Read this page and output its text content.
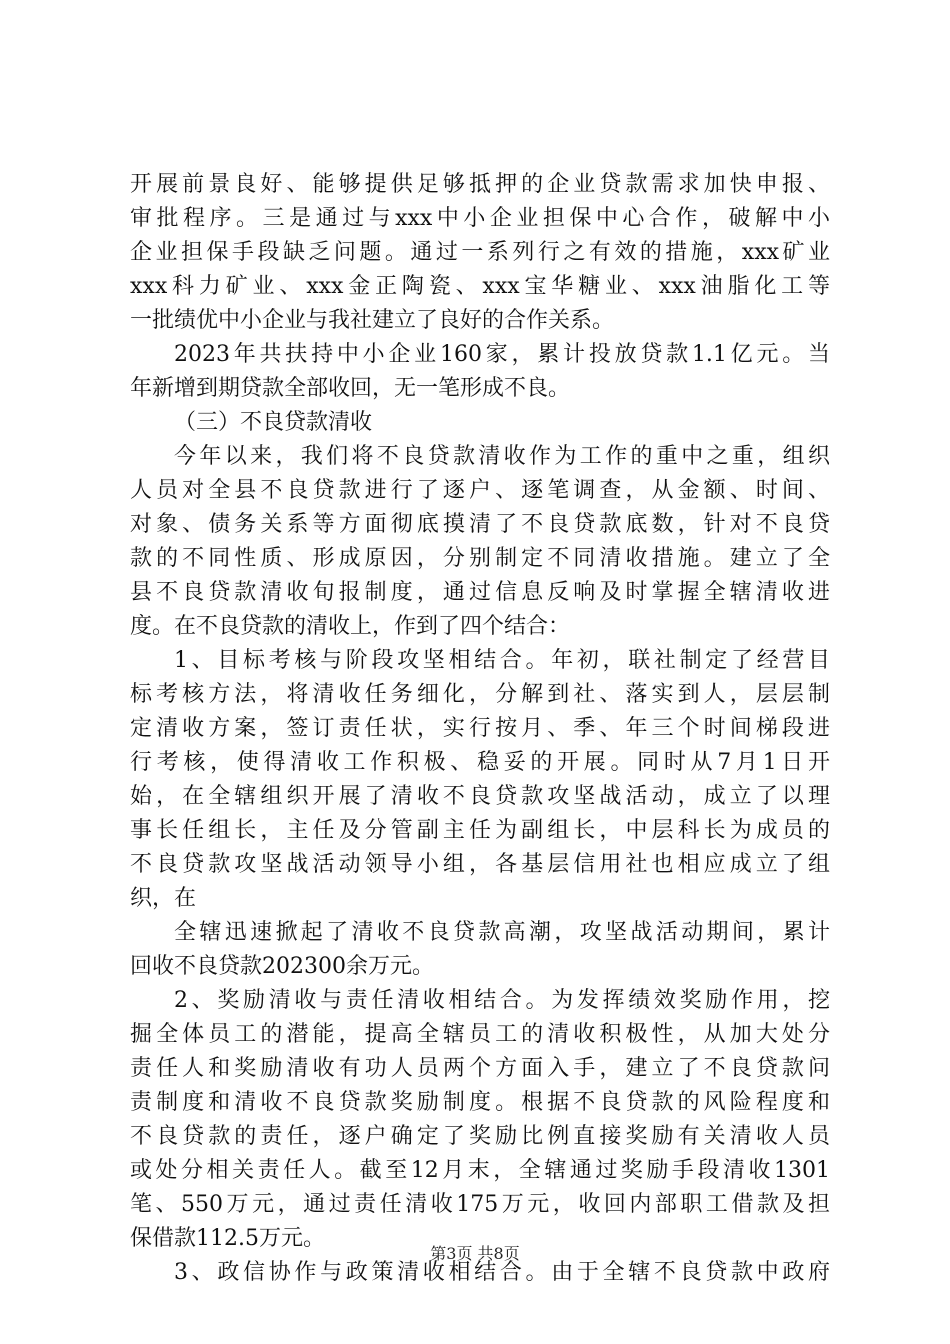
开展前景良好、能够提供足够抵押的企业贷款需求加快申报、
审批程序。三是通过与xxx中小企业担保中心合作，破解中小
企业担保手段缺乏问题。通过一系列行之有效的措施，xxx矿业
xxx科力矿业、xxx金正陶瓷、xxx宝华糖业、xxx油脂化工等
一批绩优中小企业与我社建立了良好的合作关系。
2023年共扶持中小企业160家，累计投放贷款1.1亿元。当
年新增到期贷款全部收回，无一笔形成不良。
（三）不良贷款清收
今年以来，我们将不良贷款清收作为工作的重中之重，组织
人员对全县不良贷款进行了逐户、逐笔调查，从金额、时间、
对象、债务关系等方面彻底摸清了不良贷款底数，针对不良贷
款的不同性质、形成原因，分别制定不同清收措施。建立了全
县不良贷款清收旬报制度，通过信息反响及时掌握全辖清收进
度。在不良贷款的清收上，作到了四个结合：
1、目标考核与阶段攻坚相结合。年初，联社制定了经营目
标考核方法，将清收任务细化，分解到社、落实到人，层层制
定清收方案，签订责任状，实行按月、季、年三个时间梯段进
行考核，使得清收工作积极、稳妥的开展。同时从7月1日开
始，在全辖组织开展了清收不良贷款攻坚战活动，成立了以理
事长任组长，主任及分管副主任为副组长，中层科长为成员的
不良贷款攻坚战活动领导小组，各基层信用社也相应成立了组
织，在
全辖迅速掀起了清收不良贷款高潮，攻坚战活动期间，累计
回收不良贷款202300余万元。
2、奖励清收与责任清收相结合。为发挥绩效奖励作用，挖
掘全体员工的潜能，提高全辖员工的清收积极性，从加大处分
责任人和奖励清收有功人员两个方面入手，建立了不良贷款问
责制度和清收不良贷款奖励制度。根据不良贷款的风险程度和
不良贷款的责任，逐户确定了奖励比例直接奖励有关清收人员
或处分相关责任人。截至12月末，全辖通过奖励手段清收1301
笔、550万元，通过责任清收175万元，收回内部职工借款及担
保借款112.5万元。
3、政信协作与政策清收相结合。由于全辖不良贷款中政府
第3页 共8页
